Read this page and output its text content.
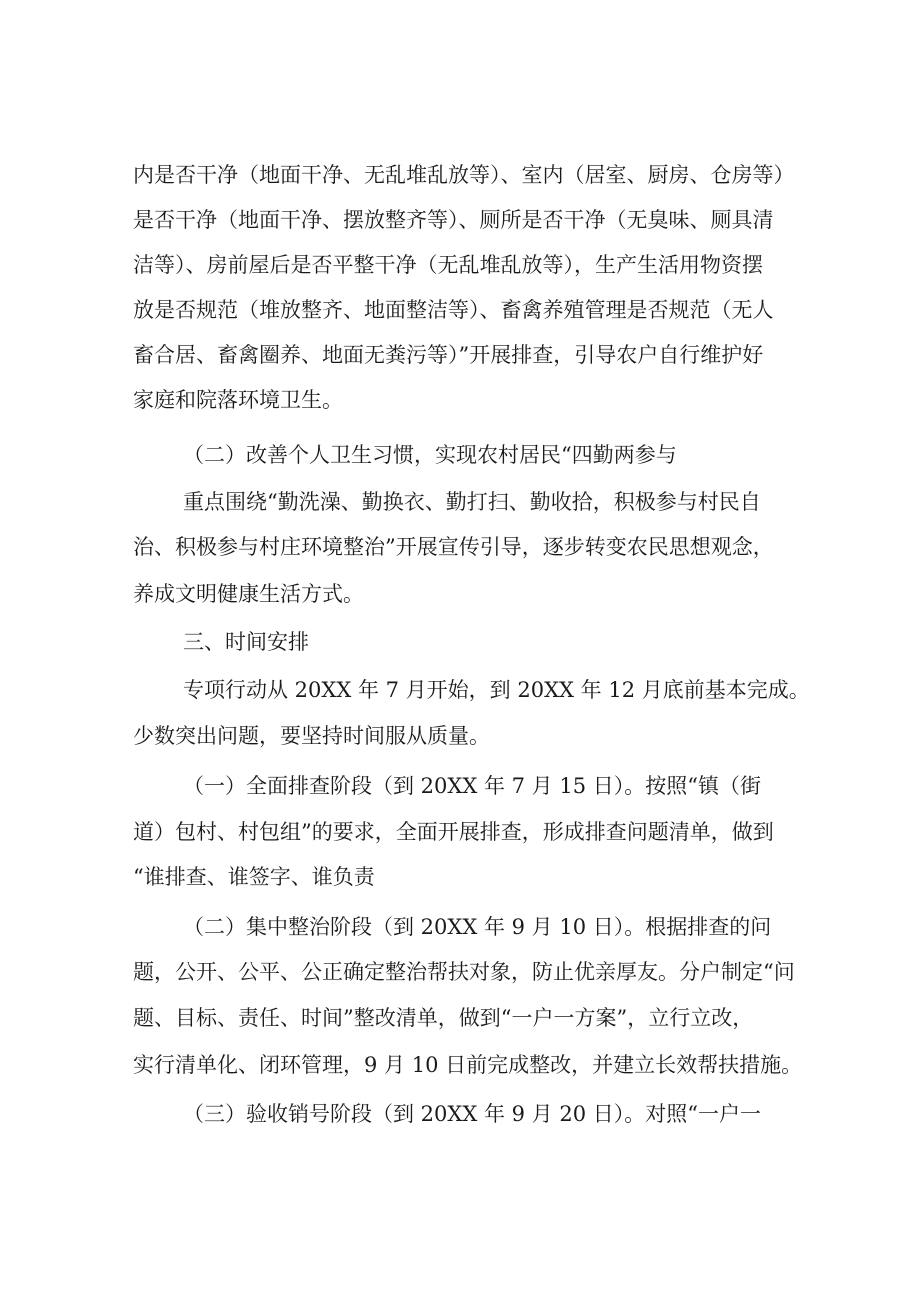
内是否干净（地面干净、无乱堆乱放等）、室内（居室、厨房、仓房等）
是否干净（地面干净、摆放整齐等）、厕所是否干净（无臭味、厕具清
洁等）、房前屋后是否平整干净（无乱堆乱放等），生产生活用物资摆
放是否规范（堆放整齐、地面整洁等）、畜禽养殖管理是否规范（无人
畜合居、畜禽圈养、地面无粪污等）”开展排查，引导农户自行维护好
家庭和院落环境卫生。
（二）改善个人卫生习惯，实现农村居民“四勤两参与
重点围绕“勤洗澡、勤换衣、勤打扫、勤收拾，积极参与村民自
治、积极参与村庄环境整治”开展宣传引导，逐步转变农民思想观念，
养成文明健康生活方式。
三、时间安排
专项行动从 20XX 年 7 月开始，到 20XX 年 12 月底前基本完成。
少数突出问题，要坚持时间服从质量。
（一）全面排查阶段（到 20XX 年 7 月 15 日）。按照“镇（街
道）包村、村包组”的要求，全面开展排查，形成排查问题清单，做到
“谁排查、谁签字、谁负责
（二）集中整治阶段（到 20XX 年 9 月 10 日）。根据排查的问
题，公开、公平、公正确定整治帮扶对象，防止优亲厚友。分户制定“问
题、目标、责任、时间”整改清单，做到“一户一方案”，立行立改，
实行清单化、闭环管理，9 月 10 日前完成整改，并建立长效帮扶措施。
（三）验收销号阶段（到 20XX 年 9 月 20 日）。对照“一户一
